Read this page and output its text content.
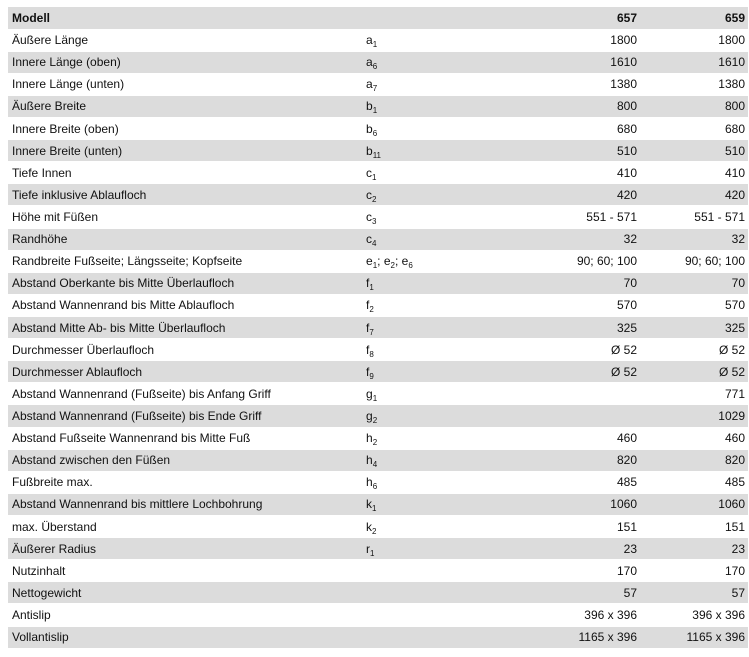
Modell		657	659
Äußere Länge	$a_1$	1800	1800
Innere Länge (oben)	$a_6$	1610	1610
Innere Länge (unten)	$a_7$	1380	1380
Äußere Breite	$b_1$	800	800
Innere Breite (oben)	$b_6$	680	680
Innere Breite (unten)	$b_{11}$	510	510
Tiefe Innen	$c_1$	410	410
Tiefe inklusive Ablaufloch	$c_2$	420	420
Höhe mit Füßen	$c_3$	551 - 571	551 - 571
Randhöhe	$c_4$	32	32
Randbreite Fußseite; Längsseite; Kopfseite	$e_1$; $e_2$; $e_6$	90; 60; 100	90; 60; 100
Abstand Oberkante bis Mitte Überlaufloch	$f_1$	70	70
Abstand Wannenrand bis Mitte Ablaufloch	$f_2$	570	570
Abstand Mitte Ab- bis Mitte Überlaufloch	$f_7$	325	325
Durchmesser Überlaufloch	$f_8$	Ø 52	Ø 52
Durchmesser Ablaufloch	$f_9$	Ø 52	Ø 52
Abstand Wannenrand (Fußseite) bis Anfang Griff	$g_1$		771
Abstand Wannenrand (Fußseite) bis Ende Griff	$g_2$		1029
Abstand Fußseite Wannenrand bis Mitte Fuß	$h_2$	460	460
Abstand zwischen den Füßen	$h_4$	820	820
Fußbreite max.	$h_6$	485	485
Abstand Wannenrand bis mittlere Lochbohrung	$k_1$	1060	1060
max. Überstand	$k_2$	151	151
Äußerer Radius	$r_1$	23	23
Nutzinhalt		170	170
Nettogewicht		57	57
Antislip		396 x 396	396 x 396
Vollantislip		1165 x 396	1165 x 396
